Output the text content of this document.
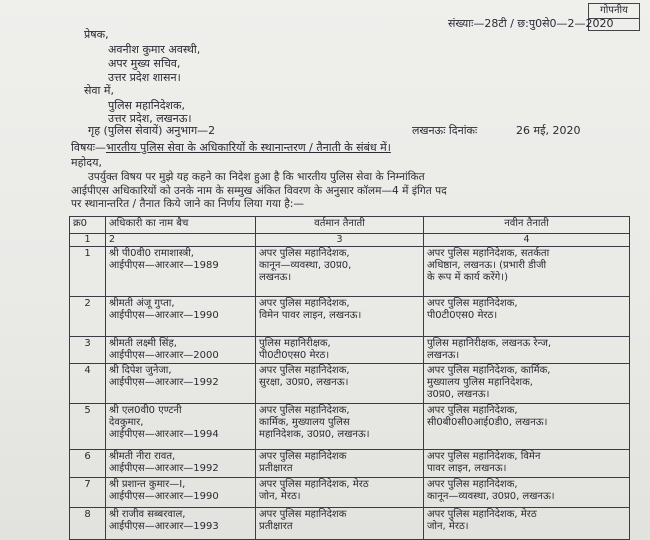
गोपनीय
संख्याः—28टी / छ:पु0से0—2—2020
प्रेषक,
अवनीश कुमार अवस्थी,
अपर मुख्य सचिव,
उत्तर प्रदेश शासन।
सेवा में,
पुलिस महानिदेशक,
उत्तर प्रदेश, लखनऊ।
गृह (पुलिस सेवायें) अनुभाग—2	लखनऊः दिनांकः	26 मई, 2020
विषयः—भारतीय पुलिस सेवा के अधिकारियों के स्थानान्तरण / तैनाती के संबंध में।
महोदय,
उपर्युक्त विषय पर मुझे यह कहने का निदेश हुआ है कि भारतीय पुलिस सेवा के निम्नांकित
आईपीएस अधिकारियों को उनके नाम के सम्मुख अंकित विवरण के अनुसार कॉलम—4 में इंगित पद
पर स्थानान्तरित / तैनात किये जाने का निर्णय लिया गया है:—
क्र0	अधिकारी का नाम बैच	वर्तमान तैनाती	नवीन तैनाती
1	2	3	4
1	श्री पी0वी0 रामाशास्त्री,
आईपीएस—आरआर—1989	अपर पुलिस महानिदेशक,
कानून—व्यवस्था, उ0प्र0,
लखनऊ।	अपर पुलिस महानिदेशक, सतर्कता
अधिष्ठान, लखनऊ। (प्रभारी डीजी
के रूप में कार्य करेंगे।)

2	श्रीमती अंजू गुप्ता,
आईपीएस—आरआर—1990	अपर पुलिस महानिदेशक,
विमेन पावर लाइन, लखनऊ।	अपर पुलिस महानिदेशक,
पी0टी0एस0 मेरठ।

3	श्रीमती लक्ष्मी सिंह,
आईपीएस—आरआर—2000	पुलिस महानिरीक्षक,
पी0टी0एस0 मेरठ।	पुलिस महानिरीक्षक, लखनऊ रेन्ज,
लखनऊ।

4	श्री दिपेश जुनेजा,
आईपीएस—आरआर—1992	अपर पुलिस महानिदेशक,
सुरक्षा, उ0प्र0, लखनऊ।	अपर पुलिस महानिदेशक, कार्मिक,
मुख्यालय पुलिस महानिदेशक,
उ0प्र0, लखनऊ।

5	श्री एल0वी0 एण्टनी
देवकुमार,
आईपीएस—आरआर—1994	अपर पुलिस महानिदेशक,
कार्मिक, मुख्यालय पुलिस
महानिदेशक, उ0प्र0, लखनऊ।	अपर पुलिस महानिदेशक,
सी0बी0सी0आई0डी0, लखनऊ।

6	श्रीमती नीरा रावत,
आईपीएस—आरआर—1992	अपर पुलिस महानिदेशक
प्रतीक्षारत	अपर पुलिस महानिदेशक, विमेन
पावर लाइन, लखनऊ।

7	श्री प्रशान्त कुमार—I,
आईपीएस—आरआर—1990	अपर पुलिस महानिदेशक, मेरठ
जोन, मेरठ।	अपर पुलिस महानिदेशक,
कानून—व्यवस्था, उ0प्र0, लखनऊ।

8	श्री राजीव सब्बरवाल,
आईपीएस—आरआर—1993	अपर पुलिस महानिदेशक
प्रतीक्षारत	अपर पुलिस महानिदेशक, मेरठ
जोन, मेरठ।
